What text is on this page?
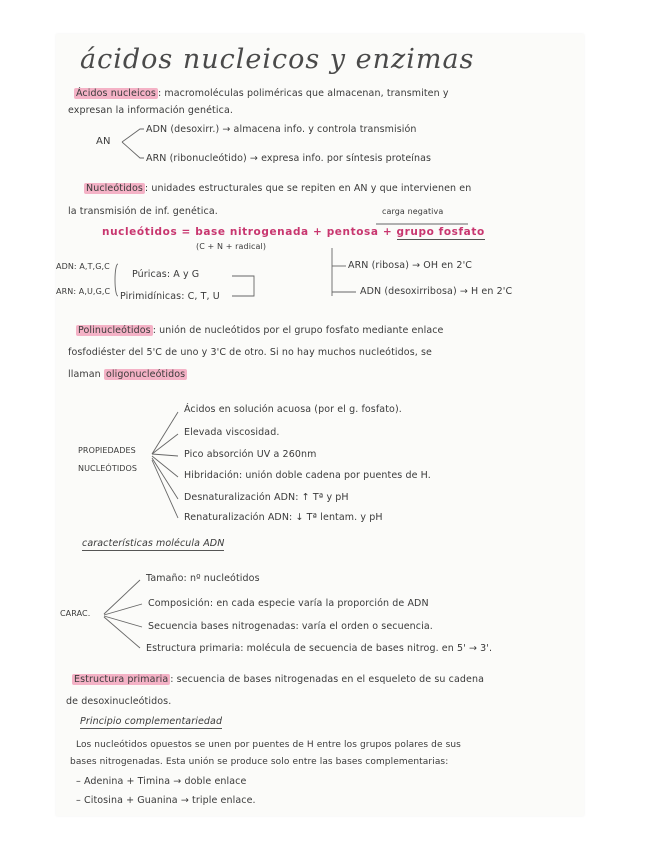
ácidos nucleicos y enzimas
Ácidos nucleicos : macromoléculas poliméricas que almacenan, transmiten y
expresan la información genética.
AN
ADN (desoxirr.) → almacena info. y controla transmisión
ARN (ribonucleótido) → expresa info. por síntesis proteínas
Nucleótidos : unidades estructurales que se repiten en AN y que intervienen en
la transmisión de inf. genética.	carga negativa
nucleótidos = base nitrogenada + pentosa + grupo fosfato
(C + N + radical)
ADN: A,T,G,C
ARN: A,U,G,C
Púricas: A y G
Pirimidínicas: C, T, U
ARN (ribosa) → OH en 2'C
ADN (desoxirribosa) → H en 2'C
Polinucleótidos : unión de nucleótidos por el grupo fosfato mediante enlace
fosfodiéster del 5'C de uno y 3'C de otro. Si no hay muchos nucleótidos, se
llaman oligonucleótidos
PROPIEDADES
NUCLEÓTIDOS
Ácidos en solución acuosa (por el g. fosfato).
Elevada viscosidad.
Pico absorción UV a 260nm
Hibridación: unión doble cadena por puentes de H.
Desnaturalización ADN: ↑ Tª y pH
Renaturalización ADN: ↓ Tª lentam. y pH
características molécula ADN
CARAC.
Tamaño: nº nucleótidos
Composición: en cada especie varía la proporción de ADN
Secuencia bases nitrogenadas: varía el orden o secuencia.
Estructura primaria: molécula de secuencia de bases nitrog. en 5' → 3'.
Estructura primaria : secuencia de bases nitrogenadas en el esqueleto de su cadena
de desoxinucleótidos.
Principio complementariedad
Los nucleótidos opuestos se unen por puentes de H entre los grupos polares de sus
bases nitrogenadas. Esta unión se produce solo entre las bases complementarias:
– Adenina + Timina → doble enlace
– Citosina + Guanina → triple enlace.
